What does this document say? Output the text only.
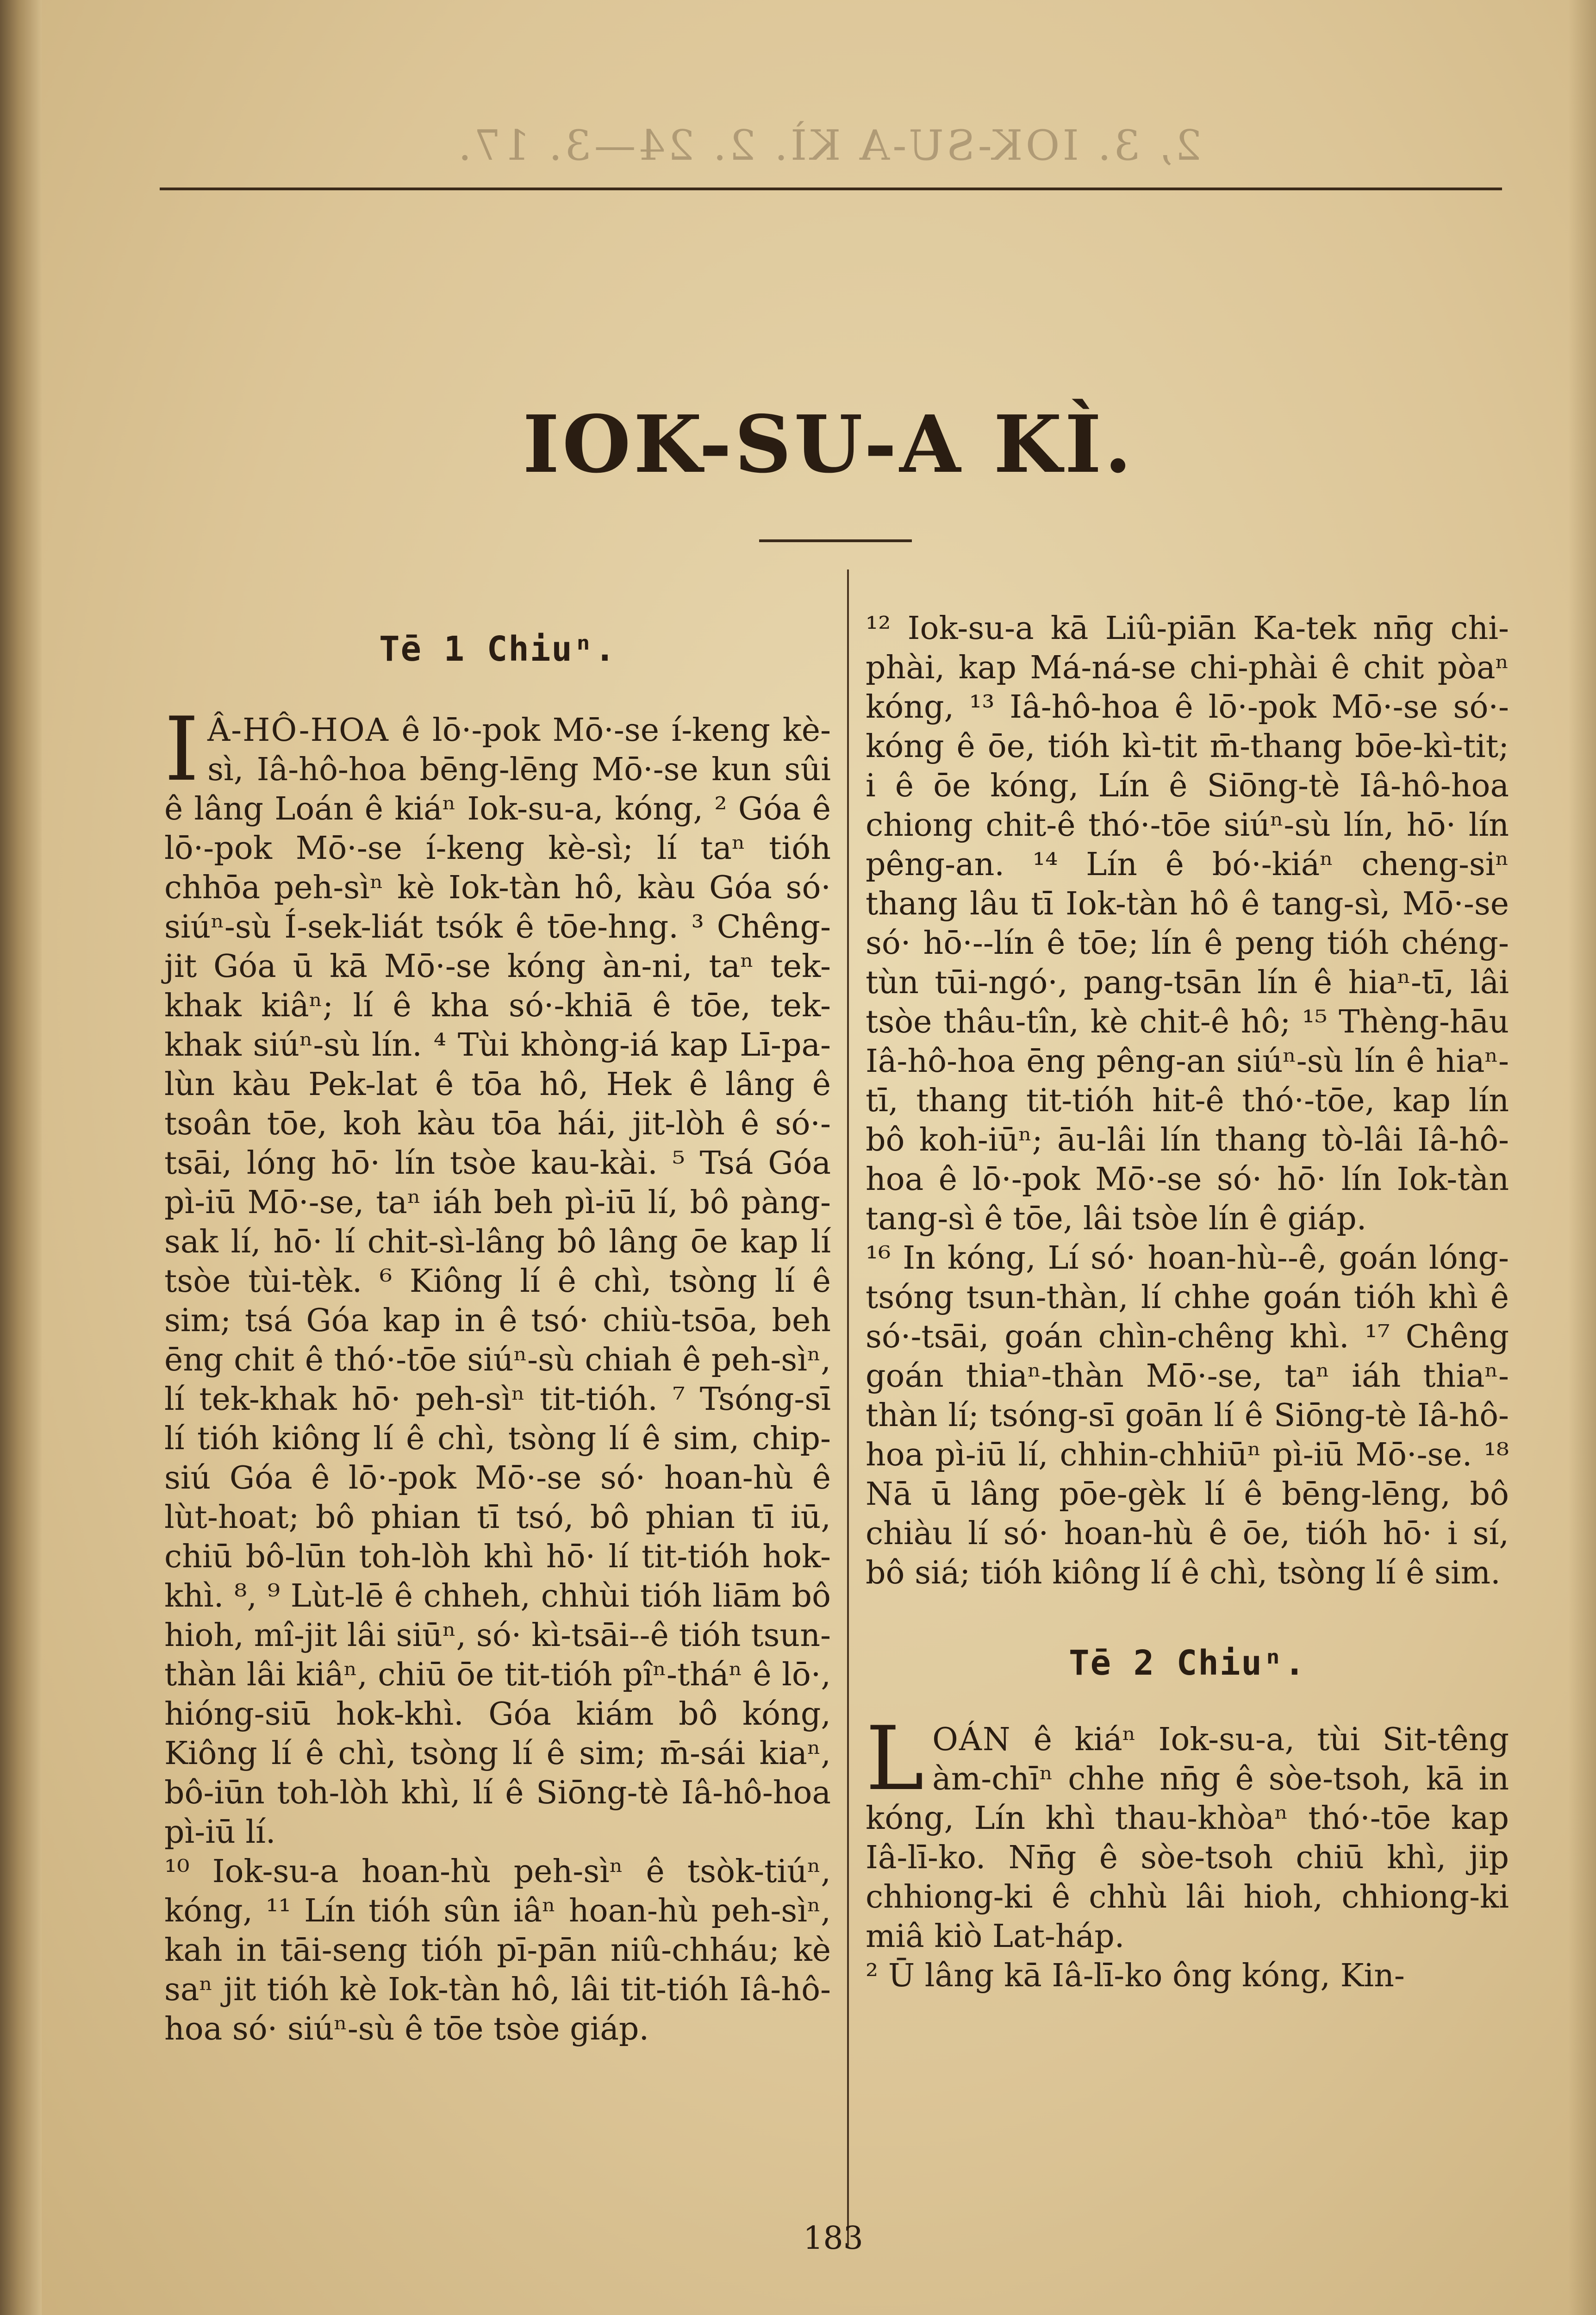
2, 3. IOK-SU-A KÌ. 2. 24—3. 17.
IOK-SU-A KÌ.
Tē 1 Chiuⁿ.

I Â-HÔ-HOA ê lō·-pok Mō·-se í-keng kè-sì, Iâ-hô-hoa bēng-lēng Mō·-se kun sûi ê lâng Loán ê kiáⁿ Iok-su-a, kóng, ² Góa ê lō·-pok Mō·-se í-keng kè-sì; lí taⁿ tióh chhōa peh-sìⁿ kè Iok-tàn hô, kàu Góa só· siúⁿ-sù Í-sek-liát tsók ê tōe-hng. ³ Chêng-jit Góa ū kā Mō·-se kóng àn-ni, taⁿ tek-khak kiâⁿ; lí ê kha só·-khiā ê tōe, tek-khak siúⁿ-sù lín. ⁴ Tùi khòng-iá kap Lī-pa-lùn kàu Pek-lat ê tōa hô, Hek ê lâng ê tsoân tōe, koh kàu tōa hái, jit-lòh ê só·-tsāi, lóng hō· lín tsòe kau-kài. ⁵ Tsá Góa pì-iū Mō·-se, taⁿ iáh beh pì-iū lí, bô pàng-sak lí, hō· lí chit-sì-lâng bô lâng ōe kap lí tsòe tùi-tèk. ⁶ Kiông lí ê chì, tsòng lí ê sim; tsá Góa kap in ê tsó· chiù-tsōa, beh ēng chit ê thó·-tōe siúⁿ-sù chiah ê peh-sìⁿ, lí tek-khak hō· peh-sìⁿ tit-tióh. ⁷ Tsóng-sī lí tióh kiông lí ê chì, tsòng lí ê sim, chip-siú Góa ê lō·-pok Mō·-se só· hoan-hù ê lùt-hoat; bô phian tī tsó, bô phian tī iū, chiū bô-lūn toh-lòh khì hō· lí tit-tióh hok-khì. ⁸, ⁹ Lùt-lē ê chheh, chhùi tióh liām bô hioh, mî-jit lâi siūⁿ, só· kì-tsāi--ê tióh tsun-thàn lâi kiâⁿ, chiū ōe tit-tióh pîⁿ-tháⁿ ê lō·, hióng-siū hok-khì. Góa kiám bô kóng, Kiông lí ê chì, tsòng lí ê sim; m̄-sái kiaⁿ, bô-iūn toh-lòh khì, lí ê Siōng-tè Iâ-hô-hoa pì-iū lí.

¹⁰ Iok-su-a hoan-hù peh-sìⁿ ê tsòk-tiúⁿ, kóng, ¹¹ Lín tióh sûn iâⁿ hoan-hù peh-sìⁿ, kah in tāi-seng tióh pī-pān niû-chháu; kè saⁿ jit tióh kè Iok-tàn hô, lâi tit-tióh Iâ-hô-hoa só· siúⁿ-sù ê tōe tsòe giáp.

¹² Iok-su-a kā Liû-piān Ka-tek nn̄g chi-phài, kap Má-ná-se chi-phài ê chit pòaⁿ kóng, ¹³ Iâ-hô-hoa ê lō·-pok Mō·-se só·-kóng ê ōe, tióh kì-tit m̄-thang bōe-kì-tit; i ê ōe kóng, Lín ê Siōng-tè Iâ-hô-hoa chiong chit-ê thó·-tōe siúⁿ-sù lín, hō· lín pêng-an. ¹⁴ Lín ê bó·-kiáⁿ cheng-siⁿ thang lâu tī Iok-tàn hô ê tang-sì, Mō·-se só· hō·--lín ê tōe; lín ê peng tióh chéng-tùn tūi-ngó·, pang-tsān lín ê hiaⁿ-tī, lâi tsòe thâu-tîn, kè chit-ê hô; ¹⁵ Thèng-hāu Iâ-hô-hoa ēng pêng-an siúⁿ-sù lín ê hiaⁿ-tī, thang tit-tióh hit-ê thó·-tōe, kap lín bô koh-iūⁿ; āu-lâi lín thang tò-lâi Iâ-hô-hoa ê lō·-pok Mō·-se só· hō· lín Iok-tàn tang-sì ê tōe, lâi tsòe lín ê giáp.

¹⁶ In kóng, Lí só· hoan-hù--ê, goán lóng-tsóng tsun-thàn, lí chhe goán tióh khì ê só·-tsāi, goán chìn-chêng khì. ¹⁷ Chêng goán thiaⁿ-thàn Mō·-se, taⁿ iáh thiaⁿ-thàn lí; tsóng-sī goān lí ê Siōng-tè Iâ-hô-hoa pì-iū lí, chhin-chhiūⁿ pì-iū Mō·-se. ¹⁸ Nā ū lâng pōe-gèk lí ê bēng-lēng, bô chiàu lí só· hoan-hù ê ōe, tióh hō· i sí, bô siá; tióh kiông lí ê chì, tsòng lí ê sim.

Tē 2 Chiuⁿ.

LOÁN ê kiáⁿ Iok-su-a, tùi Sit-têng àm-chīⁿ chhe nn̄g ê sòe-tsoh, kā in kóng, Lín khì thau-khòaⁿ thó·-tōe kap Iâ-lī-ko. Nn̄g ê sòe-tsoh chiū khì, jip chhiong-ki ê chhù lâi hioh, chhiong-ki miâ kiò Lat-háp.

² Ū lâng kā Iâ-lī-ko ông kóng, Kin-

183
